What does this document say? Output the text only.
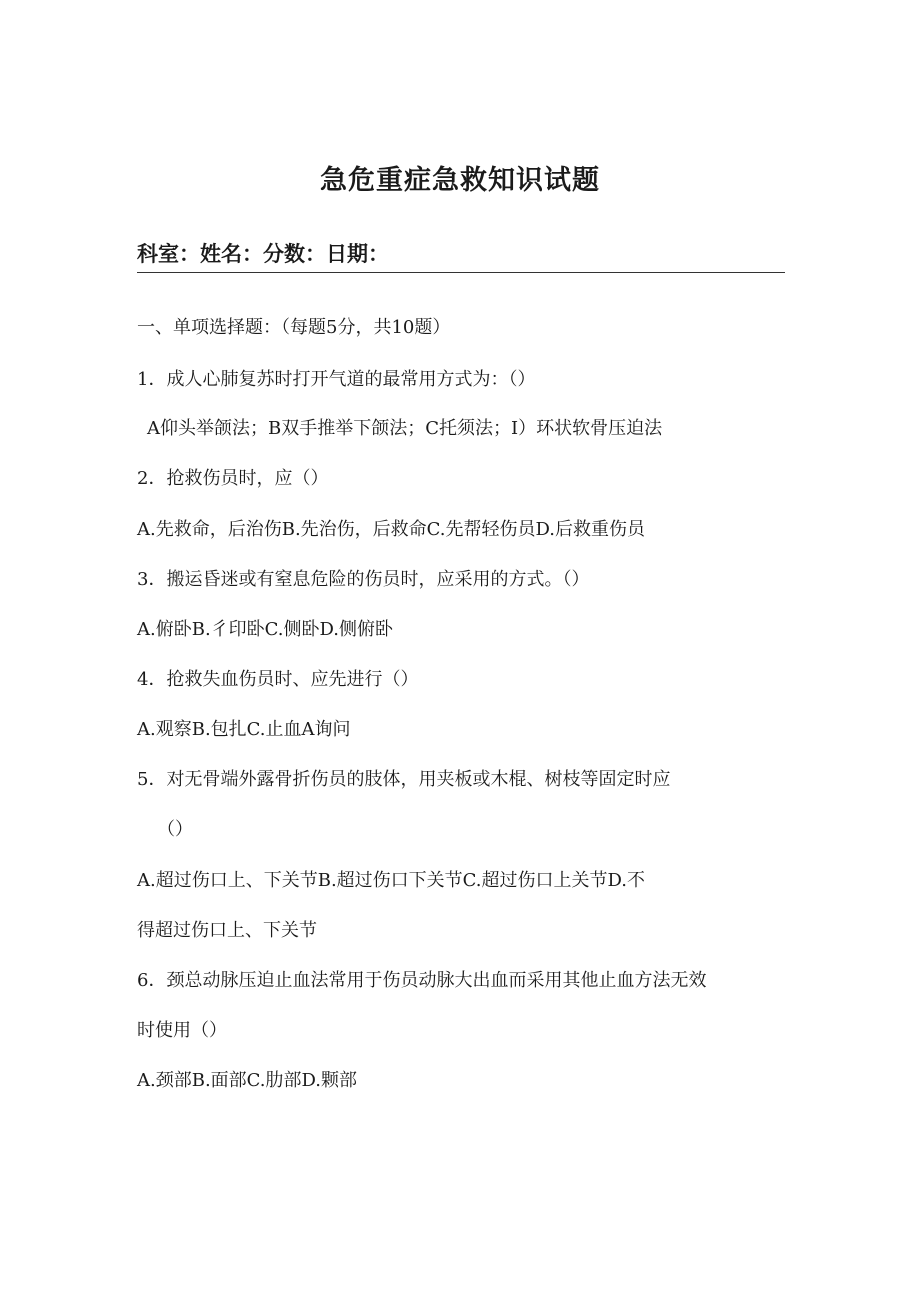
急危重症急救知识试题
科室：姓名：分数：日期：
一、单项选择题：（每题5分，共10题）
1．成人心肺复苏时打开气道的最常用方式为：（）
A仰头举颌法；B双手推举下颌法；C托须法；I）环状软骨压迫法
2．抢救伤员时，应（）
A.先救命，后治伤B.先治伤，后救命C.先帮轻伤员D.后救重伤员
3．搬运昏迷或有窒息危险的伤员时，应采用的方式。（）
A.俯卧B.彳印卧C.侧卧D.侧俯卧
4．抢救失血伤员时、应先进行（）
A.观察B.包扎C.止血A询问
5．对无骨端外露骨折伤员的肢体，用夹板或木棍、树枝等固定时应
（）
A.超过伤口上、下关节B.超过伤口下关节C.超过伤口上关节D.不
得超过伤口上、下关节
6．颈总动脉压迫止血法常用于伤员动脉大出血而采用其他止血方法无效
时使用（）
A.颈部B.面部C.肋部D.颗部
